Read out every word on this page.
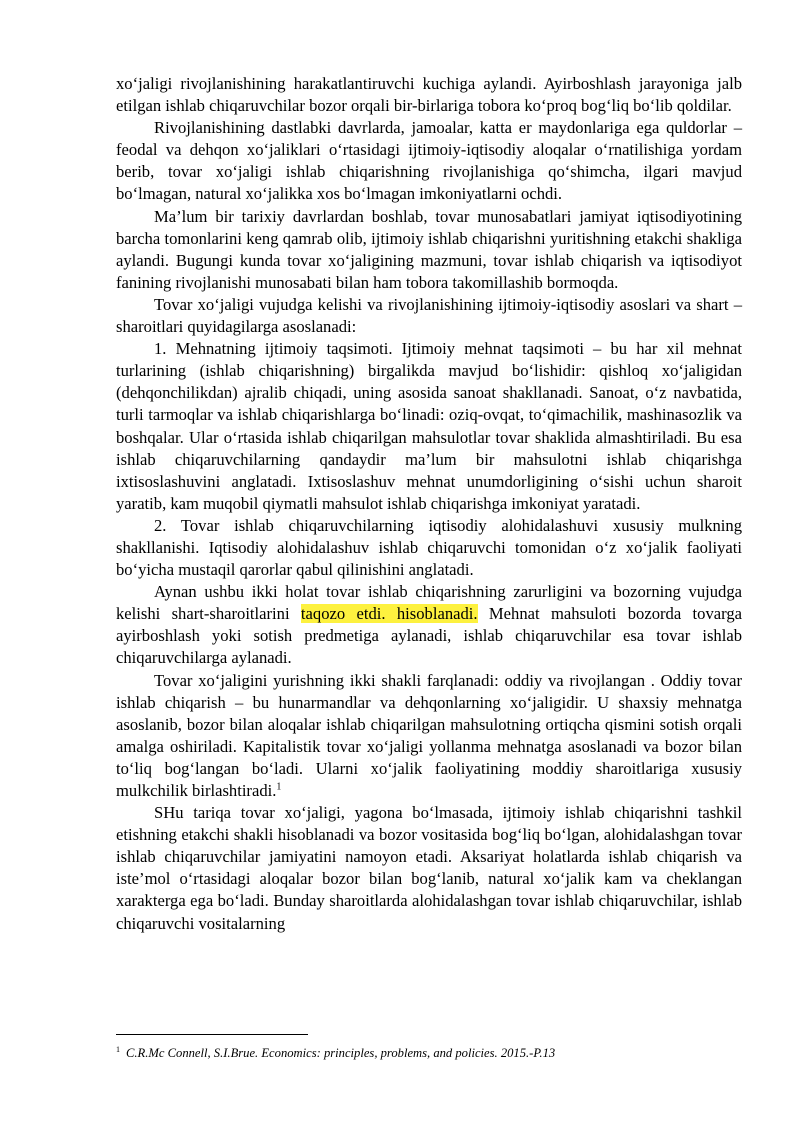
xo‘jaligi rivojlanishining harakatlantiruvchi kuchiga aylandi. Ayirboshlash jarayoniga jalb etilgan ishlab chiqaruvchilar bozor orqali bir-birlariga tobora ko‘proq bog‘liq bo‘lib qoldilar.

Rivojlanishining dastlabki davrlarda, jamoalar, katta er maydonlariga ega quldorlar – feodal va dehqon xo‘jaliklari o‘rtasidagi ijtimoiy-iqtisodiy aloqalar o‘rnatilishiga yordam berib, tovar xo‘jaligi ishlab chiqarishning rivojlanishiga qo‘shimcha, ilgari mavjud bo‘lmagan, natural xo‘jalikka xos bo‘lmagan imkoniyatlarni ochdi.

Ma’lum bir tarixiy davrlardan boshlab, tovar munosabatlari jamiyat iqtisodiyotining barcha tomonlarini keng qamrab olib, ijtimoiy ishlab chiqarishni yuritishning etakchi shakliga aylandi. Bugungi kunda tovar xo‘jaligining mazmuni, tovar ishlab chiqarish va iqtisodiyot fanining rivojlanishi munosabati bilan ham tobora takomillashib bormoqda.

Tovar xo‘jaligi vujudga kelishi va rivojlanishining ijtimoiy-iqtisodiy asoslari va shart – sharoitlari quyidagilarga asoslanadi:

1. Mehnatning ijtimoiy taqsimoti. Ijtimoiy mehnat taqsimoti – bu har xil mehnat turlarining (ishlab chiqarishning) birgalikda mavjud bo‘lishidir: qishloq xo‘jaligidan (dehqonchilikdan) ajralib chiqadi, uning asosida sanoat shakllanadi. Sanoat, o‘z navbatida, turli tarmoqlar va ishlab chiqarishlarga bo‘linadi: oziq-ovqat, to‘qimachilik, mashinasozlik va boshqalar. Ular o‘rtasida ishlab chiqarilgan mahsulotlar tovar shaklida almashtiriladi. Bu esa ishlab chiqaruvchilarning qandaydir ma’lum bir mahsulotni ishlab chiqarishga ixtisoslashuvini anglatadi. Ixtisoslashuv mehnat unumdorligining o‘sishi uchun sharoit yaratib, kam muqobil qiymatli mahsulot ishlab chiqarishga imkoniyat yaratadi.

2. Tovar ishlab chiqaruvchilarning iqtisodiy alohidalashuvi xususiy mulkning shakllanishi. Iqtisodiy alohidalashuv ishlab chiqaruvchi tomonidan o‘z xo‘jalik faoliyati bo‘yicha mustaqil qarorlar qabul qilinishini anglatadi.

Aynan ushbu ikki holat tovar ishlab chiqarishning zarurligini va bozorning vujudga kelishi shart-sharoitlarini taqozo etdi. hisoblanadi. Mehnat mahsuloti bozorda tovarga ayirboshlash yoki sotish predmetiga aylanadi, ishlab chiqaruvchilar esa tovar ishlab chiqaruvchilarga aylanadi.

Tovar xo‘jaligini yurishning ikki shakli farqlanadi: oddiy va rivojlangan . Oddiy tovar ishlab chiqarish – bu hunarmandlar va dehqonlarning xo‘jaligidir. U shaxsiy mehnatga asoslanib, bozor bilan aloqalar ishlab chiqarilgan mahsulotning ortiqcha qismini sotish orqali amalga oshiriladi. Kapitalistik tovar xo‘jaligi yollanma mehnatga asoslanadi va bozor bilan to‘liq bog‘langan bo‘ladi. Ularni xo‘jalik faoliyatining moddiy sharoitlariga xususiy mulkchilik birlashtiradi.$^1$

SHu tariqa tovar xo‘jaligi, yagona bo‘lmasada, ijtimoiy ishlab chiqarishni tashkil etishning etakchi shakli hisoblanadi va bozor vositasida bog‘liq bo‘lgan, alohidalashgan tovar ishlab chiqaruvchilar jamiyatini namoyon etadi. Aksariyat holatlarda ishlab chiqarish va iste’mol o‘rtasidagi aloqalar bozor bilan bog‘lanib, natural xo‘jalik kam va cheklangan xarakterga ega bo‘ladi. Bunday sharoitlarda alohidalashgan tovar ishlab chiqaruvchilar, ishlab chiqaruvchi vositalarning

$^1$ C.R.Mc Connell, S.I.Brue. Economics: principles, problems, and policies. 2015.-P.13
